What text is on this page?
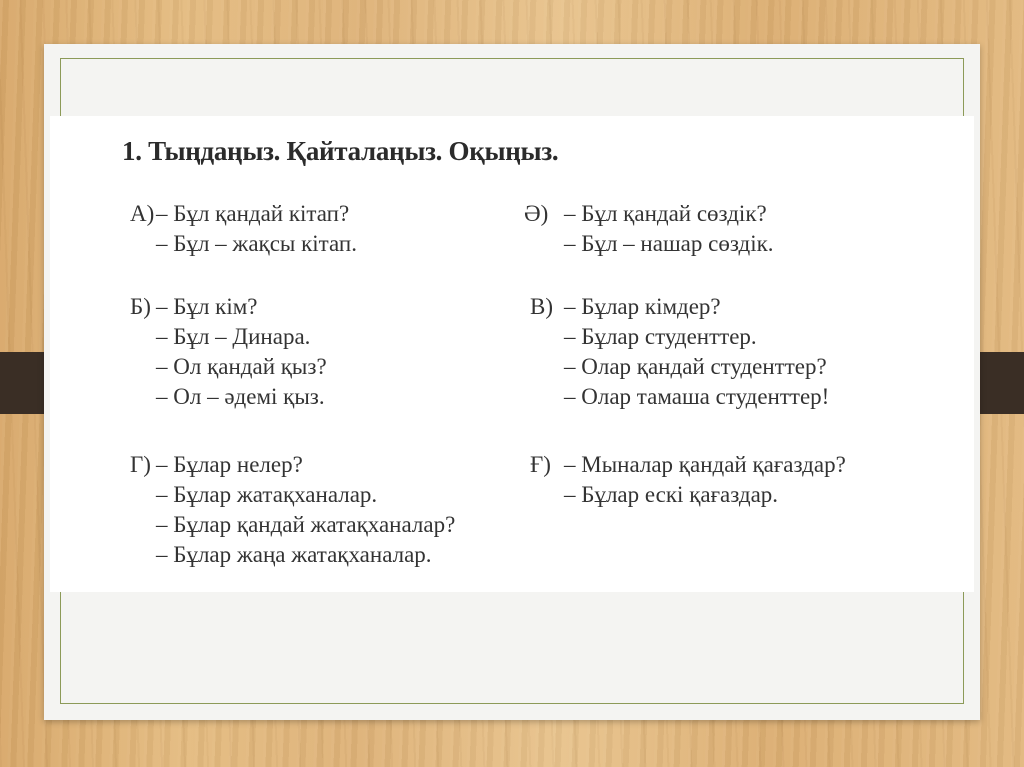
1. Тыңдаңыз. Қайталаңыз. Оқыңыз.
А) – Бұл қандай кітап?
– Бұл – жақсы кітап.
Ә) – Бұл қандай сөздік?
– Бұл – нашар сөздік.
Б) – Бұл кім?
– Бұл – Динара.
– Ол қандай қыз?
– Ол – әдемі қыз.
В) – Бұлар кімдер?
– Бұлар студенттер.
– Олар қандай студенттер?
– Олар тамаша студенттер!
Г) – Бұлар нелер?
– Бұлар жатақханалар.
– Бұлар қандай жатақханалар?
– Бұлар жаңа жатақханалар.
Ғ) – Мыналар қандай қағаздар?
– Бұлар ескі қағаздар.
